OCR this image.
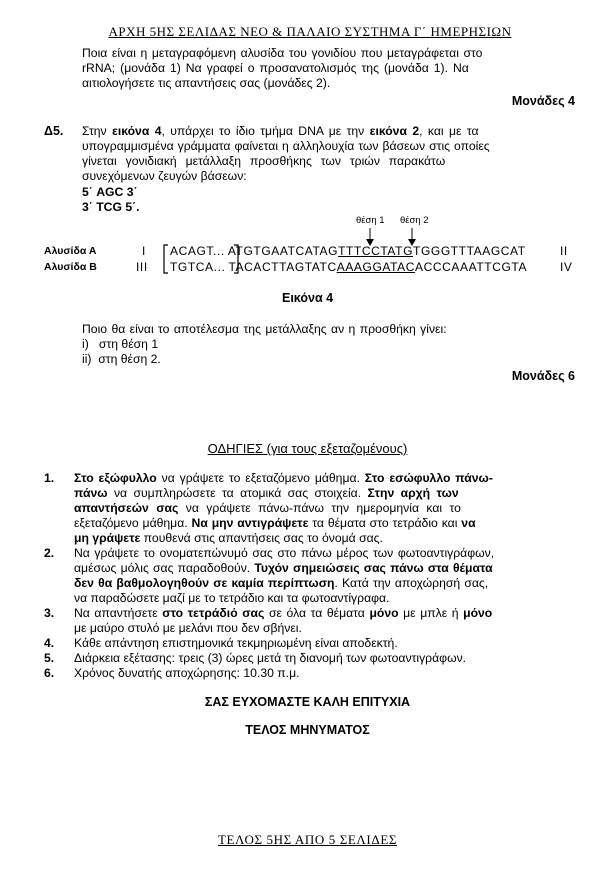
ΑΡΧΗ 5ΗΣ ΣΕΛΙΔΑΣ ΝΕΟ & ΠΑΛΑΙΟ ΣΥΣΤΗΜΑ Γ΄ ΗΜΕΡΗΣΙΩΝ
Ποια είναι η μεταγραφόμενη αλυσίδα του γονιδίου που μεταγράφεται στο
rRNA; (μονάδα 1) Να γραφεί ο προσανατολισμός της (μονάδα 1). Να
αιτιολογήσετε τις απαντήσεις σας (μονάδες 2).
Μονάδες 4
Δ5. Στην εικόνα 4, υπάρχει το ίδιο τμήμα DNA με την εικόνα 2, και με τα
υπογραμμισμένα γράμματα φαίνεται η αλληλουχία των βάσεων στις οποίες
γίνεται γονιδιακή μετάλλαξη προσθήκης των τριών παρακάτω
συνεχόμενων ζευγών βάσεων:
5΄ AGC 3΄
3΄ TCG 5΄.
θέση 1 θέση 2
Αλυσίδα Α	I ACAGT... ATGTGAATCATAGTTTCCTATGTGGGTTTAAGCAT	II
Αλυσίδα Β	III TGTCA... TACACTTAGTATCAAAGGATACACCCAAATTCGTA	IV
Εικόνα 4
Ποιο θα είναι το αποτέλεσμα της μετάλλαξης αν η προσθήκη γίνει:
i)   στη θέση 1
ii)  στη θέση 2.
Μονάδες 6
ΟΔΗΓΙΕΣ (για τους εξεταζομένους)
1. Στο εξώφυλλο να γράψετε το εξεταζόμενο μάθημα. Στο εσώφυλλο πάνω-
πάνω να συμπληρώσετε τα ατομικά σας στοιχεία. Στην αρχή των
απαντήσεών σας να γράψετε πάνω-πάνω την ημερομηνία και το
εξεταζόμενο μάθημα. Να μην αντιγράψετε τα θέματα στο τετράδιο και να
μη γράψετε πουθενά στις απαντήσεις σας το όνομά σας.
2. Να γράψετε το ονοματεπώνυμό σας στο πάνω μέρος των φωτοαντιγράφων,
αμέσως μόλις σας παραδοθούν. Τυχόν σημειώσεις σας πάνω στα θέματα
δεν θα βαθμολογηθούν σε καμία περίπτωση. Κατά την αποχώρησή σας,
να παραδώσετε μαζί με το τετράδιο και τα φωτοαντίγραφα.
3. Να απαντήσετε στο τετράδιό σας σε όλα τα θέματα μόνο με μπλε ή μόνο
με μαύρο στυλό με μελάνι που δεν σβήνει.
4. Κάθε απάντηση επιστημονικά τεκμηριωμένη είναι αποδεκτή.
5. Διάρκεια εξέτασης: τρεις (3) ώρες μετά τη διανομή των φωτοαντιγράφων.
6. Χρόνος δυνατής αποχώρησης: 10.30 π.μ.
ΣΑΣ ΕΥΧΟΜΑΣΤΕ ΚΑΛΗ ΕΠΙΤΥΧΙΑ
ΤΕΛΟΣ ΜΗΝΥΜΑΤΟΣ
ΤΕΛΟΣ 5ΗΣ ΑΠΟ 5 ΣΕΛΙΔΕΣ
